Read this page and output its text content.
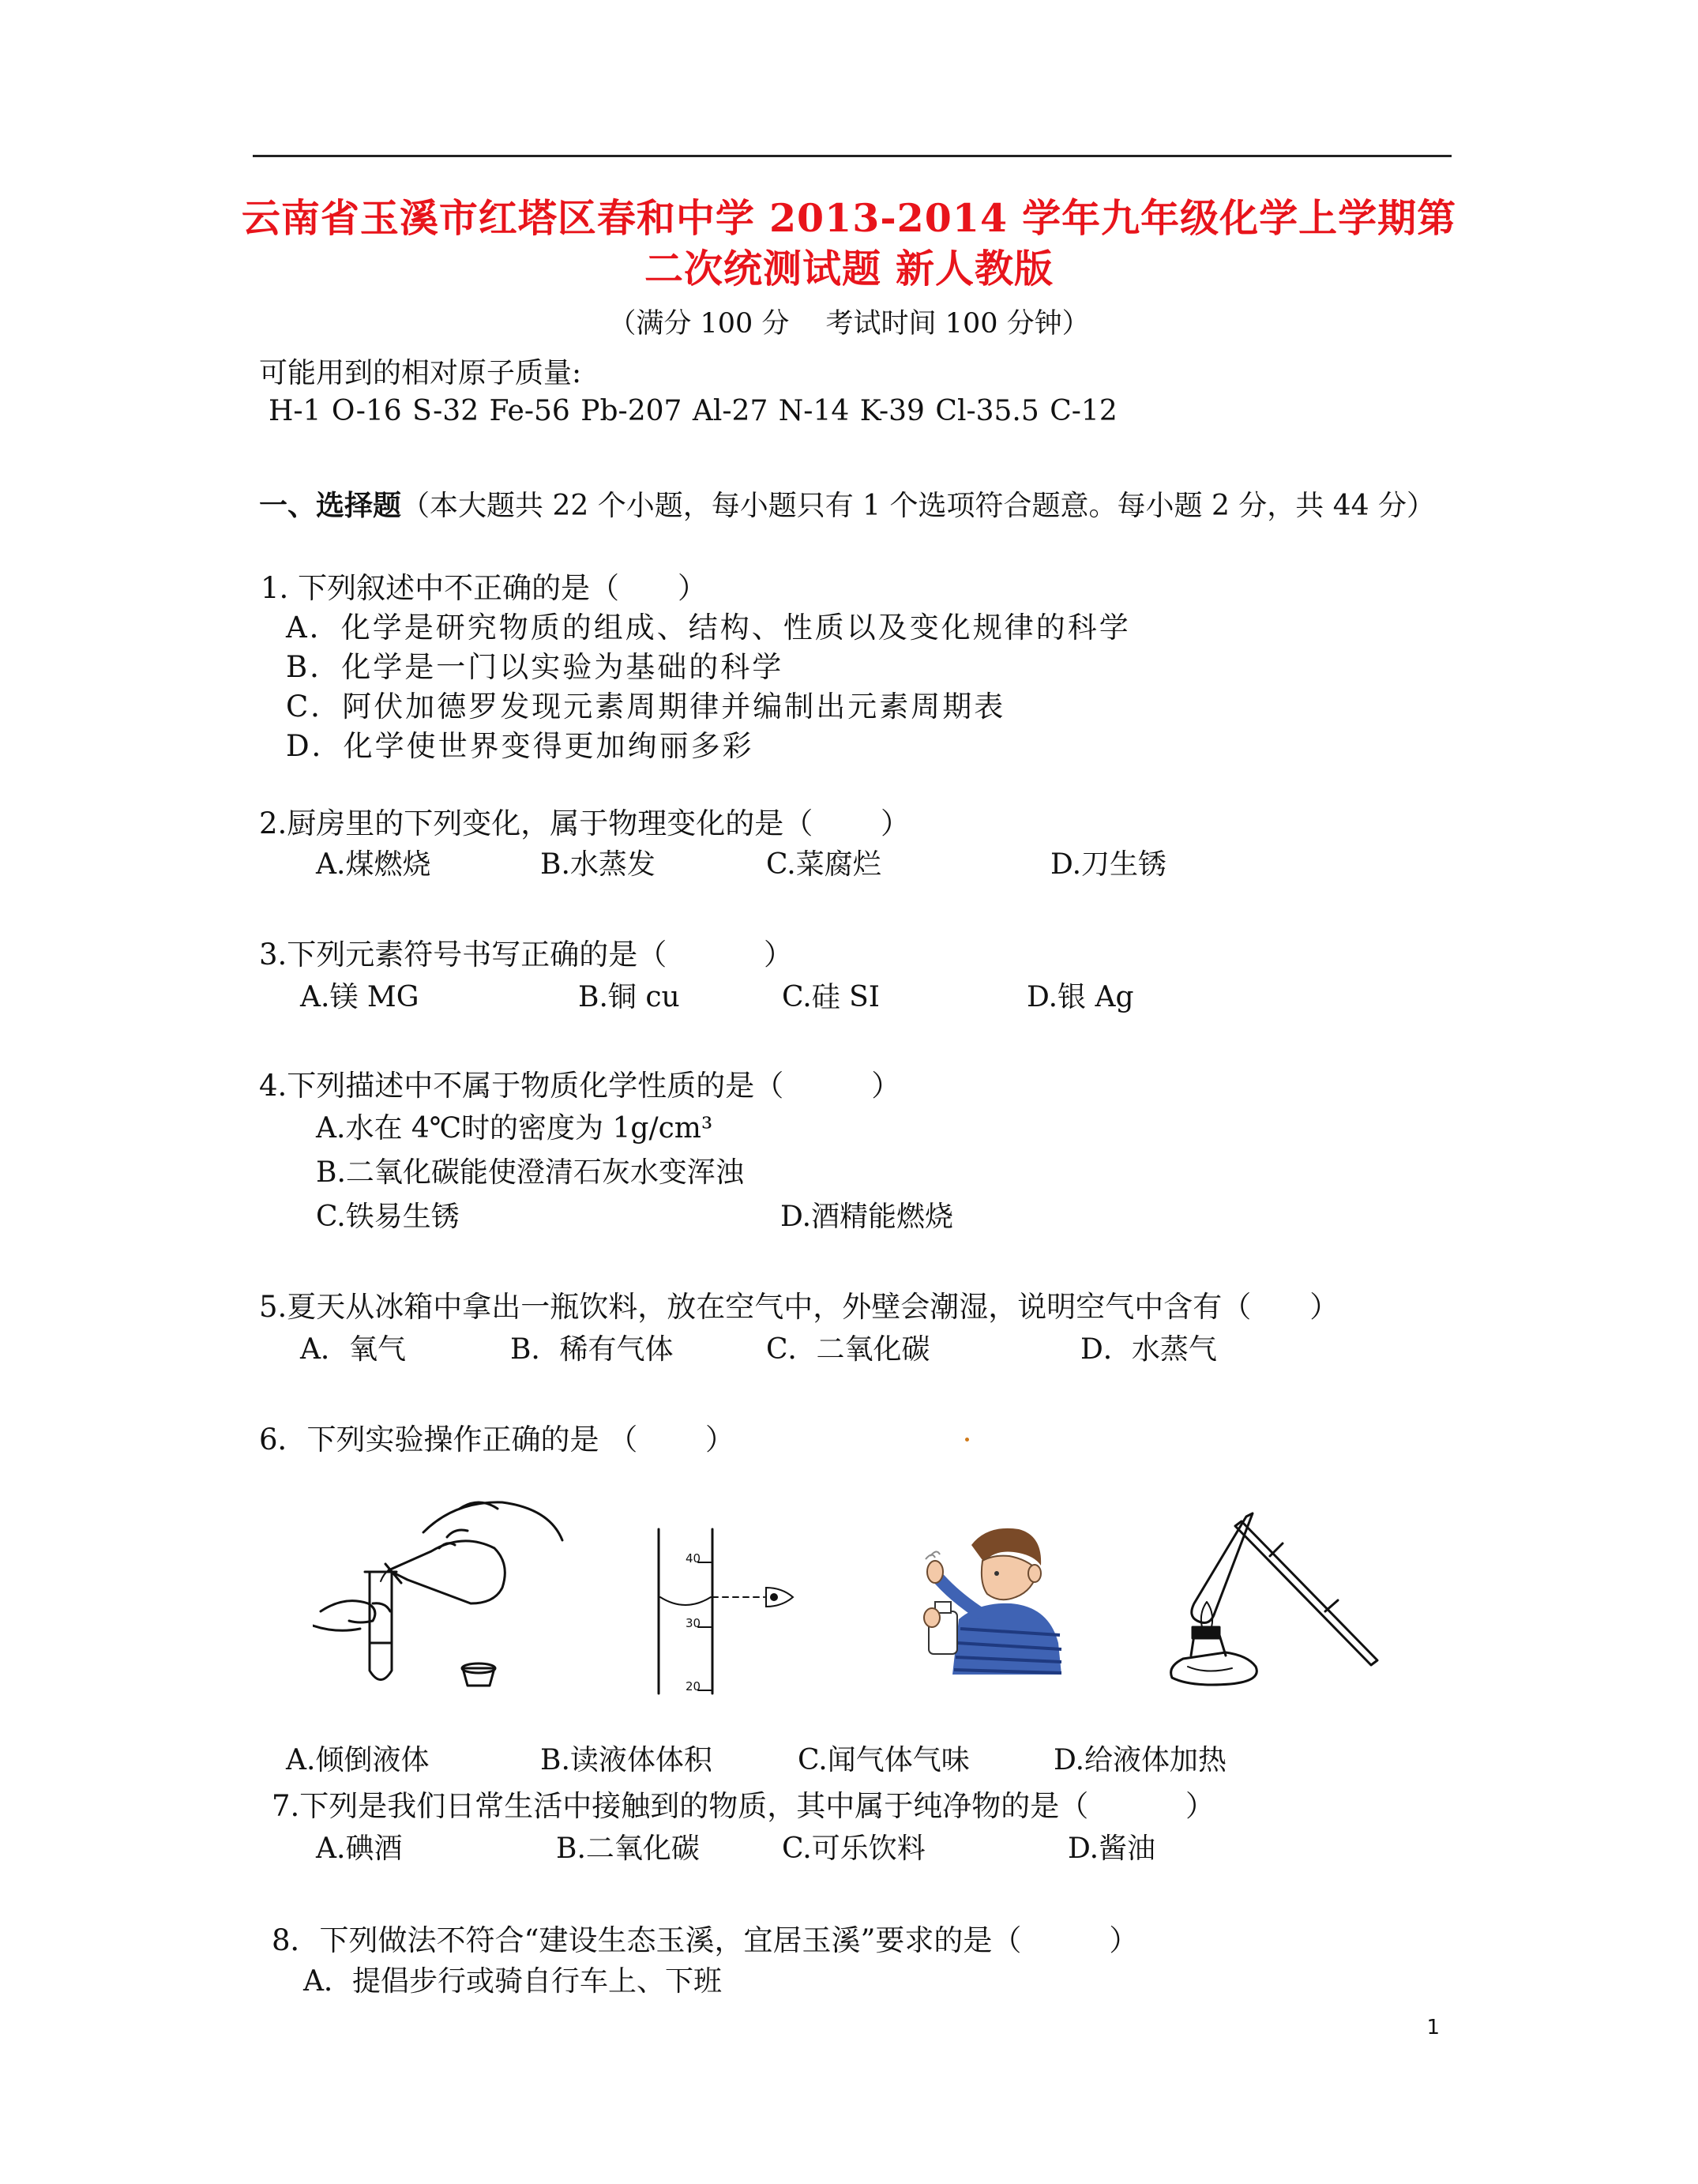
云南省玉溪市红塔区春和中学 2013-2014 学年九年级化学上学期第
二次统测试题 新人教版
（满分 100 分　 考试时间 100 分钟）
可能用到的相对原子质量:
H-1 O-16 S-32 Fe-56 Pb-207 Al-27 N-14 K-39 Cl-35.5 C-12
一、选择题（本大题共 22 个小题，每小题只有 1 个选项符合题意。每小题 2 分，共 44 分）
1. 下列叙述中不正确的是（　　）
A．化学是研究物质的组成、结构、性质以及变化规律的科学
B．化学是一门以实验为基础的科学
C．阿伏加德罗发现元素周期律并编制出元素周期表
D．化学使世界变得更加绚丽多彩
2.厨房里的下列变化，属于物理变化的是（　　 ）
A.煤燃烧	B.水蒸发	C.菜腐烂	D.刀生锈
3.下列元素符号书写正确的是（　　　 ）
A.镁 MG	B.铜 cu	C.硅 SI	D.银 Ag
4.下列描述中不属于物质化学性质的是（　　　）
A.水在 4℃时的密度为 1g/cm³
B.二氧化碳能使澄清石灰水变浑浊
C.铁易生锈	D.酒精能燃烧
5.夏天从冰箱中拿出一瓶饮料，放在空气中，外壁会潮湿，说明空气中含有（　　）
A．氧气	B．稀有气体	C．二氧化碳	D．水蒸气
6．下列实验操作正确的是 （　　 ）
40
30
20
A.倾倒液体	B.读液体体积	C.闻气体气味	D.给液体加热
7.下列是我们日常生活中接触到的物质，其中属于纯净物的是（　　　 ）
A.碘酒	B.二氧化碳	C.可乐饮料	D.酱油
8．下列做法不符合“建设生态玉溪，宜居玉溪”要求的是（　　　）
A．提倡步行或骑自行车上、下班
1
